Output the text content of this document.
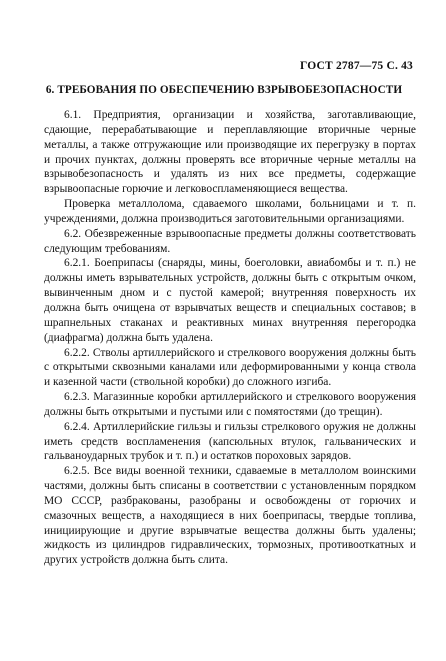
ГОСТ 2787—75 С. 43
6. ТРЕБОВАНИЯ ПО ОБЕСПЕЧЕНИЮ ВЗРЫВОБЕЗОПАСНОСТИ

6.1. Предприятия, организации и хозяйства, заготавливающие, сдающие, перерабатывающие и переплавляющие вторичные черные металлы, а также отгружающие или производящие их перегрузку в портах и прочих пунктах, должны проверять все вторичные черные металлы на взрывобезопасность и удалять из них все предметы, содержащие взрывоопасные горючие и легковоспламеняющиеся вещества.

Проверка металлолома, сдаваемого школами, больницами и т. п. учреждениями, должна производиться заготовительными организациями.

6.2. Обезвреженные взрывоопасные предметы должны соответствовать следующим требованиям.

6.2.1. Боеприпасы (снаряды, мины, боеголовки, авиабомбы и т. п.) не должны иметь взрывательных устройств, должны быть с открытым очком, вывинченным дном и с пустой камерой; внутренняя поверхность их должна быть очищена от взрывчатых веществ и специальных составов; в шрапнельных стаканах и реактивных минах внутренняя перегородка (диафрагма) должна быть удалена.

6.2.2. Стволы артиллерийского и стрелкового вооружения должны быть с открытыми сквозными каналами или деформированными у конца ствола и казенной части (ствольной коробки) до сложного изгиба.

6.2.3. Магазинные коробки артиллерийского и стрелкового вооружения должны быть открытыми и пустыми или с помятостями (до трещин).

6.2.4. Артиллерийские гильзы и гильзы стрелкового оружия не должны иметь средств воспламенения (капсюльных втулок, гальванических и гальваноударных трубок и т. п.) и остатков пороховых зарядов.

6.2.5. Все виды военной техники, сдаваемые в металлолом воинскими частями, должны быть списаны в соответствии с установленным порядком МО СССР, разбракованы, разобраны и освобождены от горючих и смазочных веществ, а находящиеся в них боеприпасы, твердые топлива, инициирующие и другие взрывчатые вещества должны быть удалены; жидкость из цилиндров гидравлических, тормозных, противооткатных и других устройств должна быть слита.
